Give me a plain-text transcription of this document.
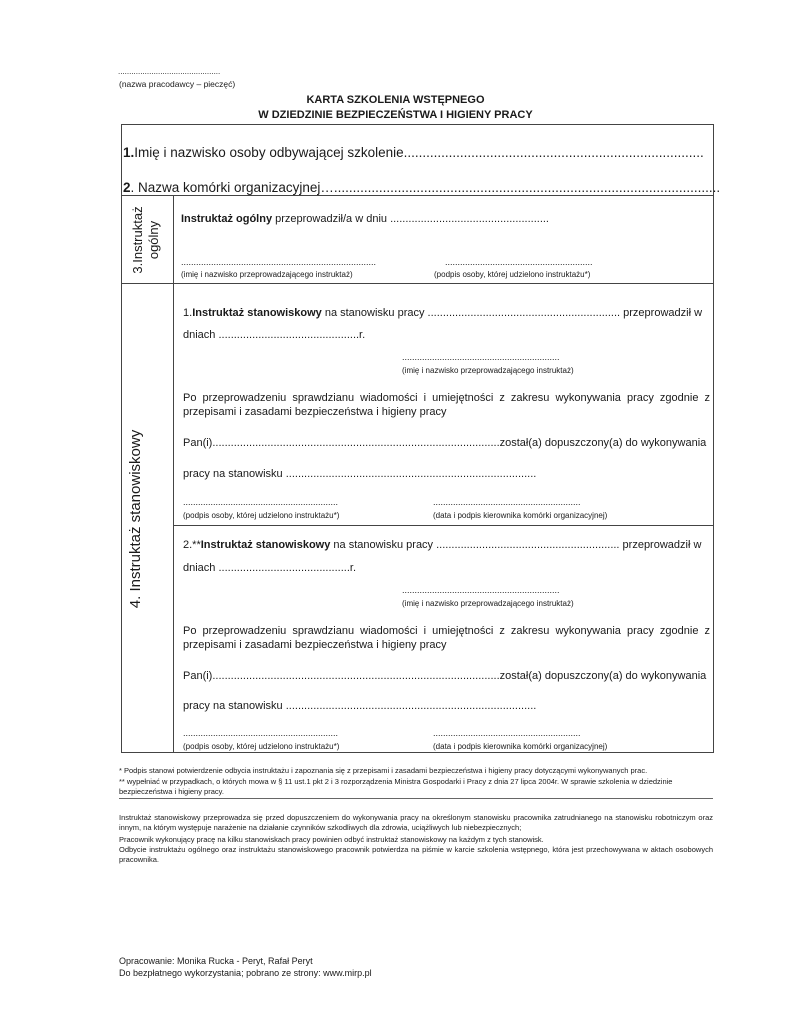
..............................................
(nazwa pracodawcy – pieczęć)
KARTA SZKOLENIA WSTĘPNEGO
W DZIEDZINIE BEZPIECZEŃSTWA I HIGIENY PRACY
1.Imię i nazwisko osoby odbywającej szkolenie................................................................................
2. Nazwa komórki organizacyjnej….......................................................................................................
3.Instruktaż ogólny
Instruktaż ogólny przeprowadził/a w dniu ....................................................
..............................................................................	...........................................................
(imię i nazwisko przeprowadzającego instruktaż)	(podpis osoby, której udzielono instruktażu*)
4. Instruktaż stanowiskowy
1.Instruktaż stanowiskowy na stanowisku pracy ............................................................... przeprowadził w
dniach ..............................................r.
...............................................................
(imię i nazwisko przeprowadzającego instruktaż)
Po przeprowadzeniu sprawdzianu wiadomości i umiejętności z zakresu wykonywania pracy zgodnie z przepisami i zasadami bezpieczeństwa i higieny pracy
Pan(i)..............................................................................................został(a) dopuszczony(a) do wykonywania
pracy na stanowisku ..................................................................................
..............................................................	...........................................................
(podpis osoby, której udzielono instruktażu*)	(data i podpis kierownika komórki organizacyjnej)
2.**Instruktaż stanowiskowy na stanowisku pracy ............................................................ przeprowadził w
dniach ...........................................r.
...............................................................
(imię i nazwisko przeprowadzającego instruktaż)
Po przeprowadzeniu sprawdzianu wiadomości i umiejętności z zakresu wykonywania pracy zgodnie z przepisami i zasadami bezpieczeństwa i higieny pracy
Pan(i)..............................................................................................został(a) dopuszczony(a) do wykonywania
pracy na stanowisku ..................................................................................
..............................................................	...........................................................
(podpis osoby, której udzielono instruktażu*)	(data i podpis kierownika komórki organizacyjnej)
* Podpis stanowi potwierdzenie odbycia instruktażu i zapoznania się z przepisami i zasadami bezpieczeństwa i higieny pracy dotyczącymi wykonywanych prac.
** wypełniać w przypadkach, o których mowa w § 11 ust.1 pkt 2 i 3 rozporządzenia Ministra Gospodarki i Pracy z dnia 27 lipca 2004r. W sprawie szkolenia w dziedzinie bezpieczeństwa i higieny pracy.
Instruktaż stanowiskowy przeprowadza się przed dopuszczeniem do wykonywania pracy na określonym stanowisku pracownika zatrudnianego na stanowisku robotniczym oraz innym, na którym występuje narażenie na działanie czynników szkodliwych dla zdrowia, uciążliwych lub niebezpiecznych;
Pracownik wykonujący pracę na kilku stanowiskach pracy powinien odbyć instruktaż stanowiskowy na każdym z tych stanowisk.
Odbycie instruktażu ogólnego oraz instruktażu stanowiskowego pracownik potwierdza na piśmie w karcie szkolenia wstępnego, która jest przechowywana w aktach osobowych pracownika.
Opracowanie: Monika Rucka - Peryt, Rafał Peryt
Do bezpłatnego wykorzystania; pobrano ze strony: www.mirp.pl
